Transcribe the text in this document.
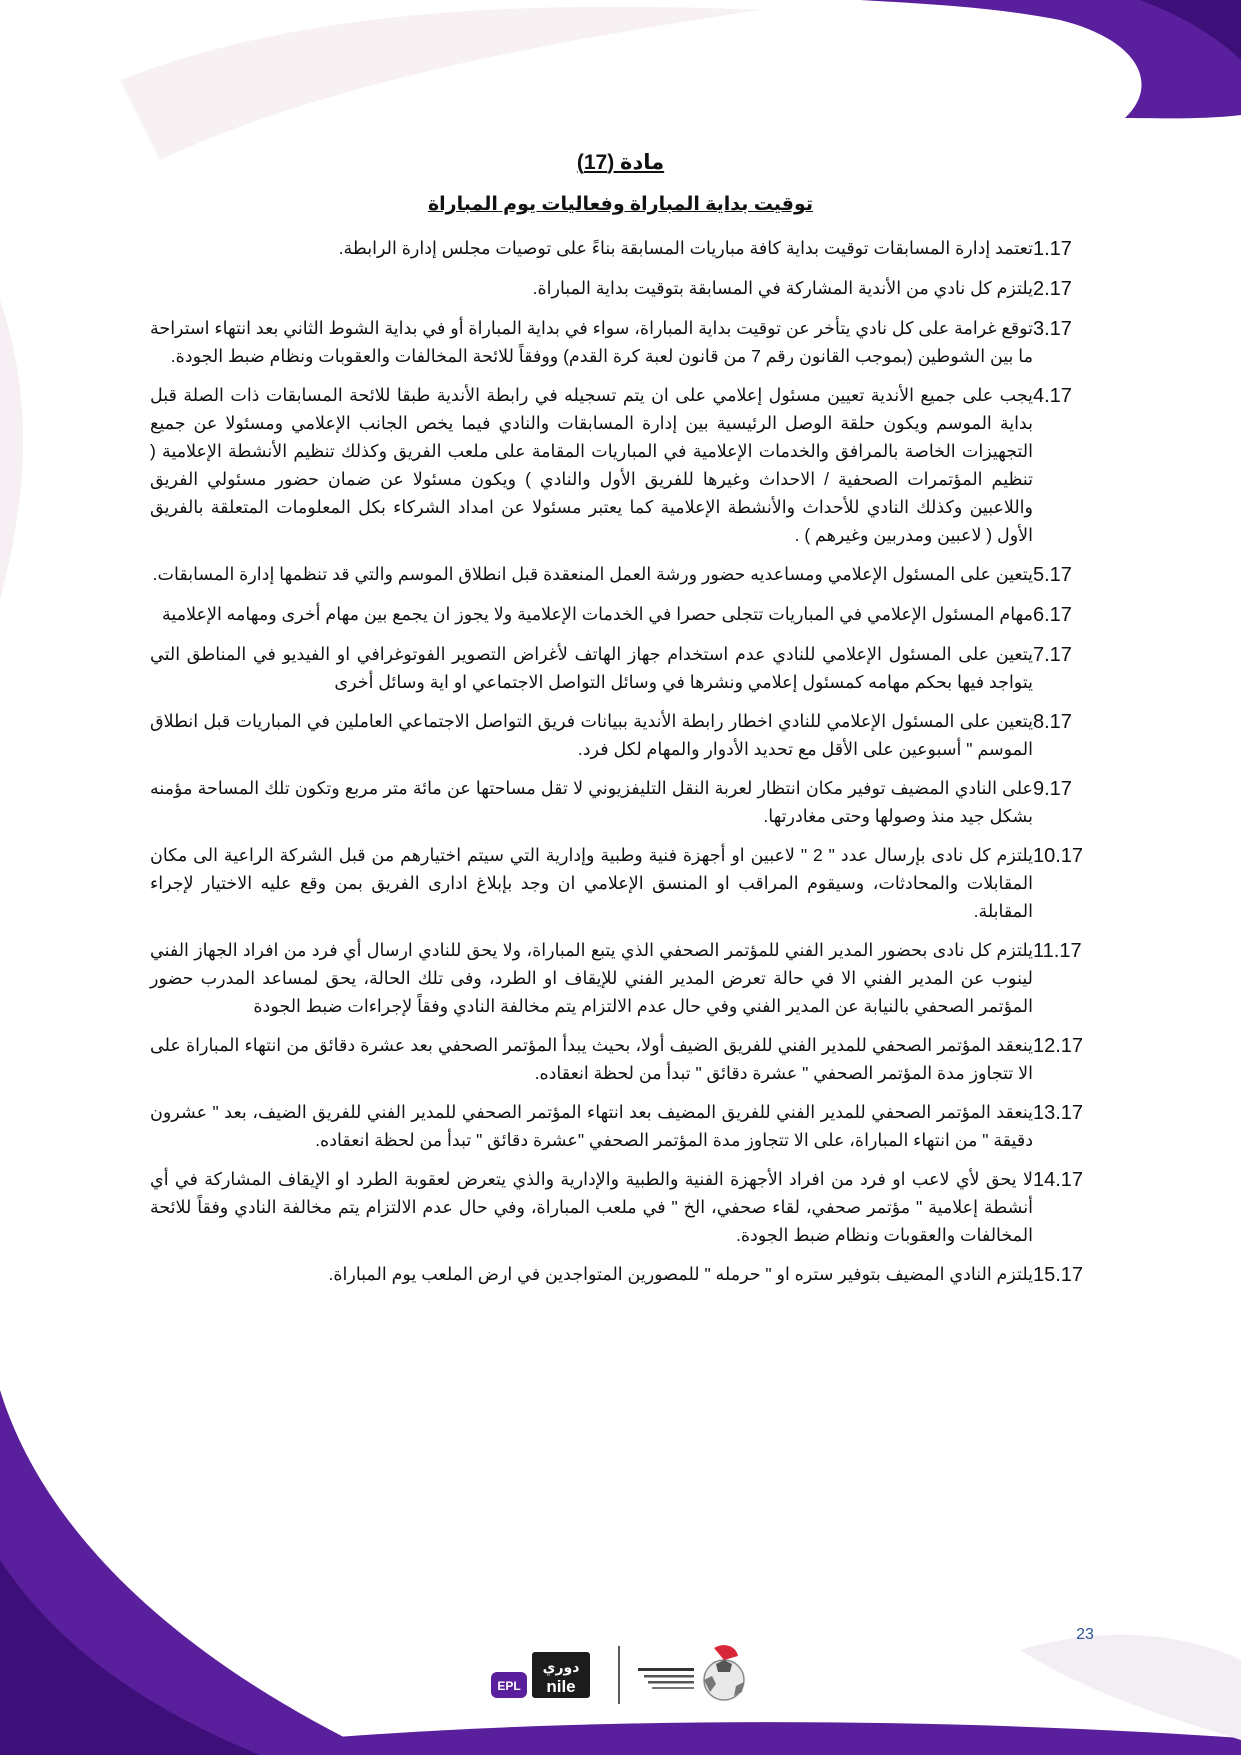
مادة (17)
توقيت بداية المباراة وفعاليات يوم المباراة
1.17
تعتمد إدارة المسابقات توقيت بداية كافة مباريات المسابقة بناءً على توصيات مجلس إدارة الرابطة.
2.17
يلتزم كل نادي من الأندية المشاركة في المسابقة بتوقيت بداية المباراة.
3.17
توقع غرامة على كل نادي يتأخر عن توقيت بداية المباراة، سواء في بداية المباراة أو في بداية الشوط الثاني بعد انتهاء استراحة ما بين الشوطين (بموجب القانون رقم 7 من قانون لعبة كرة القدم) ووفقاً للائحة المخالفات والعقوبات ونظام ضبط الجودة.
4.17
يجب على جميع الأندية تعيين مسئول إعلامي على ان يتم تسجيله في رابطة الأندية طبقا للائحة المسابقات ذات الصلة قبل بداية الموسم ويكون حلقة الوصل الرئيسية بين إدارة المسابقات والنادي فيما يخص الجانب الإعلامي ومسئولا عن جميع التجهيزات الخاصة بالمرافق والخدمات الإعلامية في المباريات المقامة على ملعب الفريق وكذلك تنظيم الأنشطة الإعلامية ( تنظيم المؤتمرات الصحفية / الاحداث وغيرها للفريق الأول والنادي ) ويكون مسئولا عن ضمان حضور مسئولي الفريق واللاعبين وكذلك النادي للأحداث والأنشطة الإعلامية كما يعتبر مسئولا عن امداد الشركاء بكل المعلومات المتعلقة بالفريق الأول ( لاعبين ومدربين وغيرهم ) .
5.17
يتعين على المسئول الإعلامي ومساعديه حضور ورشة العمل المنعقدة قبل انطلاق الموسم والتي قد تنظمها إدارة المسابقات.
6.17
مهام المسئول الإعلامي في المباريات تتجلى حصرا في الخدمات الإعلامية ولا يجوز ان يجمع بين مهام أخرى ومهامه الإعلامية
7.17
يتعين على المسئول الإعلامي للنادي عدم استخدام جهاز الهاتف لأغراض التصوير الفوتوغرافي او الفيديو في المناطق التي يتواجد فيها بحكم مهامه كمسئول إعلامي ونشرها في وسائل التواصل الاجتماعي او اية وسائل أخرى
8.17
يتعين على المسئول الإعلامي للنادي اخطار رابطة الأندية ببيانات فريق التواصل الاجتماعي العاملين في المباريات قبل انطلاق الموسم " أسبوعين على الأقل مع تحديد الأدوار والمهام لكل فرد.
9.17
على النادي المضيف توفير مكان انتظار لعربة النقل التليفزيوني لا تقل مساحتها عن مائة متر مربع وتكون تلك المساحة مؤمنه بشكل جيد منذ وصولها وحتى مغادرتها.
10.17
يلتزم كل نادى بإرسال عدد " 2 " لاعبين او أجهزة فنية وطبية وإدارية التي سيتم اختيارهم من قبل الشركة الراعية الى مكان المقابلات والمحادثات، وسيقوم المراقب او المنسق الإعلامي ان وجد بإبلاغ ادارى الفريق بمن وقع عليه الاختيار لإجراء المقابلة.
11.17
يلتزم كل نادى بحضور المدير الفني للمؤتمر الصحفي الذي يتبع المباراة، ولا يحق للنادي ارسال أي فرد من افراد الجهاز الفني لينوب عن المدير الفني الا في حالة تعرض المدير الفني للإيقاف او الطرد، وفى تلك الحالة، يحق لمساعد المدرب حضور المؤتمر الصحفي بالنيابة عن المدير الفني وفي حال عدم الالتزام يتم مخالفة النادي وفقاً لإجراءات ضبط الجودة
12.17
ينعقد المؤتمر الصحفي للمدير الفني للفريق الضيف أولا، بحيث يبدأ المؤتمر الصحفي بعد عشرة دقائق من انتهاء المباراة على الا تتجاوز مدة المؤتمر الصحفي " عشرة دقائق " تبدأ من لحظة انعقاده.
13.17
ينعقد المؤتمر الصحفي للمدير الفني للفريق المضيف بعد انتهاء المؤتمر الصحفي للمدير الفني للفريق الضيف، بعد " عشرون دقيقة " من انتهاء المباراة، على الا تتجاوز مدة المؤتمر الصحفي "عشرة دقائق " تبدأ من لحظة انعقاده.
14.17
لا يحق لأي لاعب او فرد من افراد الأجهزة الفنية والطبية والإدارية والذي يتعرض لعقوبة الطرد او الإيقاف المشاركة في أي أنشطة إعلامية " مؤتمر صحفي، لقاء صحفي، الخ " في ملعب المباراة، وفي حال عدم الالتزام يتم مخالفة النادي وفقاً للائحة المخالفات والعقوبات ونظام ضبط الجودة.
15.17
يلتزم النادي المضيف بتوفير ستره او " حرمله " للمصورين المتواجدين في ارض الملعب يوم المباراة.
23
EPL
دوري
nile
